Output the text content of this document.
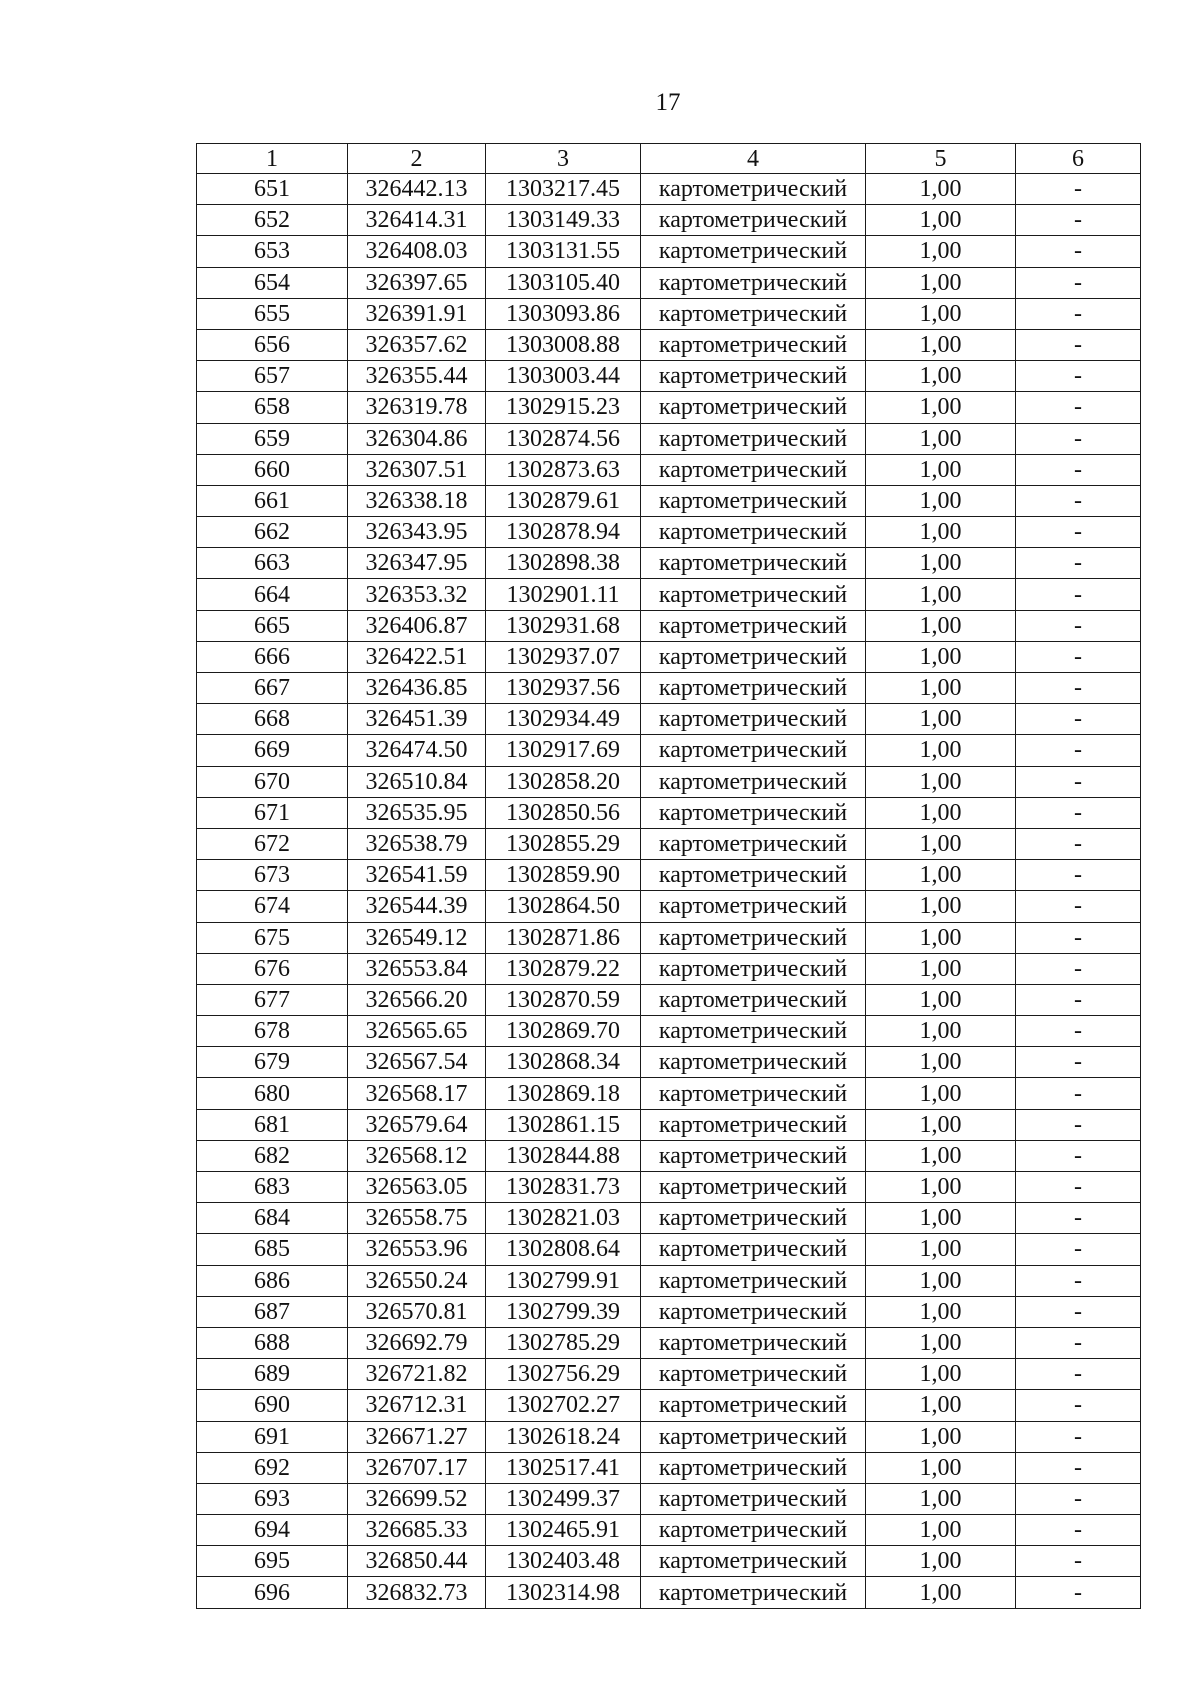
17
1	2	3	4	5	6
651	326442.13	1303217.45	картометрический	1,00	-
652	326414.31	1303149.33	картометрический	1,00	-
653	326408.03	1303131.55	картометрический	1,00	-
654	326397.65	1303105.40	картометрический	1,00	-
655	326391.91	1303093.86	картометрический	1,00	-
656	326357.62	1303008.88	картометрический	1,00	-
657	326355.44	1303003.44	картометрический	1,00	-
658	326319.78	1302915.23	картометрический	1,00	-
659	326304.86	1302874.56	картометрический	1,00	-
660	326307.51	1302873.63	картометрический	1,00	-
661	326338.18	1302879.61	картометрический	1,00	-
662	326343.95	1302878.94	картометрический	1,00	-
663	326347.95	1302898.38	картометрический	1,00	-
664	326353.32	1302901.11	картометрический	1,00	-
665	326406.87	1302931.68	картометрический	1,00	-
666	326422.51	1302937.07	картометрический	1,00	-
667	326436.85	1302937.56	картометрический	1,00	-
668	326451.39	1302934.49	картометрический	1,00	-
669	326474.50	1302917.69	картометрический	1,00	-
670	326510.84	1302858.20	картометрический	1,00	-
671	326535.95	1302850.56	картометрический	1,00	-
672	326538.79	1302855.29	картометрический	1,00	-
673	326541.59	1302859.90	картометрический	1,00	-
674	326544.39	1302864.50	картометрический	1,00	-
675	326549.12	1302871.86	картометрический	1,00	-
676	326553.84	1302879.22	картометрический	1,00	-
677	326566.20	1302870.59	картометрический	1,00	-
678	326565.65	1302869.70	картометрический	1,00	-
679	326567.54	1302868.34	картометрический	1,00	-
680	326568.17	1302869.18	картометрический	1,00	-
681	326579.64	1302861.15	картометрический	1,00	-
682	326568.12	1302844.88	картометрический	1,00	-
683	326563.05	1302831.73	картометрический	1,00	-
684	326558.75	1302821.03	картометрический	1,00	-
685	326553.96	1302808.64	картометрический	1,00	-
686	326550.24	1302799.91	картометрический	1,00	-
687	326570.81	1302799.39	картометрический	1,00	-
688	326692.79	1302785.29	картометрический	1,00	-
689	326721.82	1302756.29	картометрический	1,00	-
690	326712.31	1302702.27	картометрический	1,00	-
691	326671.27	1302618.24	картометрический	1,00	-
692	326707.17	1302517.41	картометрический	1,00	-
693	326699.52	1302499.37	картометрический	1,00	-
694	326685.33	1302465.91	картометрический	1,00	-
695	326850.44	1302403.48	картометрический	1,00	-
696	326832.73	1302314.98	картометрический	1,00	-
